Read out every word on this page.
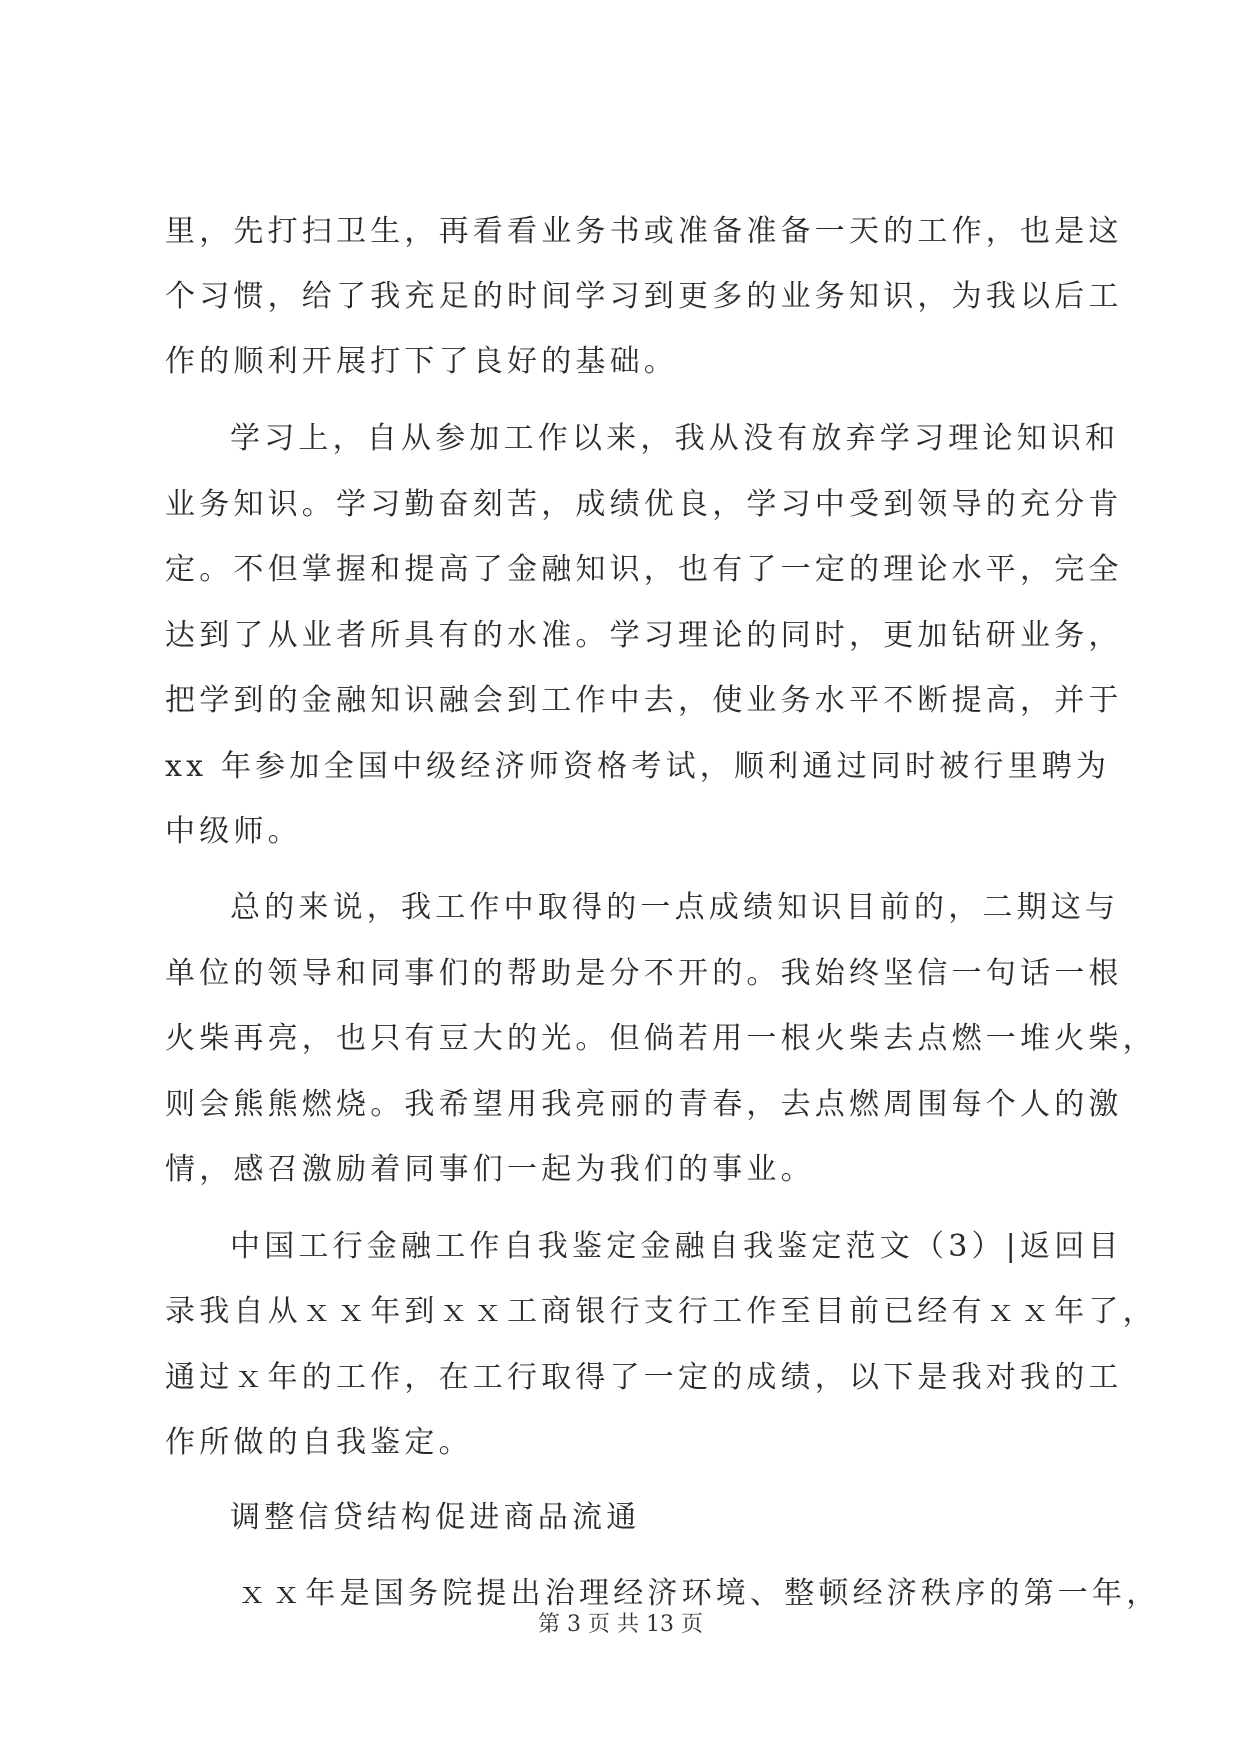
里，先打扫卫生，再看看业务书或准备准备一天的工作，也是这
个习惯，给了我充足的时间学习到更多的业务知识，为我以后工
作的顺利开展打下了良好的基础。
学习上，自从参加工作以来，我从没有放弃学习理论知识和
业务知识。学习勤奋刻苦，成绩优良，学习中受到领导的充分肯
定。不但掌握和提高了金融知识，也有了一定的理论水平，完全
达到了从业者所具有的水准。学习理论的同时，更加钻研业务，
把学到的金融知识融会到工作中去，使业务水平不断提高，并于
xx 年参加全国中级经济师资格考试，顺利通过同时被行里聘为
中级师。
总的来说，我工作中取得的一点成绩知识目前的，二期这与
单位的领导和同事们的帮助是分不开的。我始终坚信一句话一根
火柴再亮，也只有豆大的光。但倘若用一根火柴去点燃一堆火柴，
则会熊熊燃烧。我希望用我亮丽的青春，去点燃周围每个人的激
情，感召激励着同事们一起为我们的事业。
中国工行金融工作自我鉴定金融自我鉴定范文（3）|返回目
录我自从ｘｘ年到ｘｘ工商银行支行工作至目前已经有ｘｘ年了，
通过ｘ年的工作，在工行取得了一定的成绩，以下是我对我的工
作所做的自我鉴定。
调整信贷结构促进商品流通
ｘｘ年是国务院提出治理经济环境、整顿经济秩序的第一年，
第 3 页 共 13 页
